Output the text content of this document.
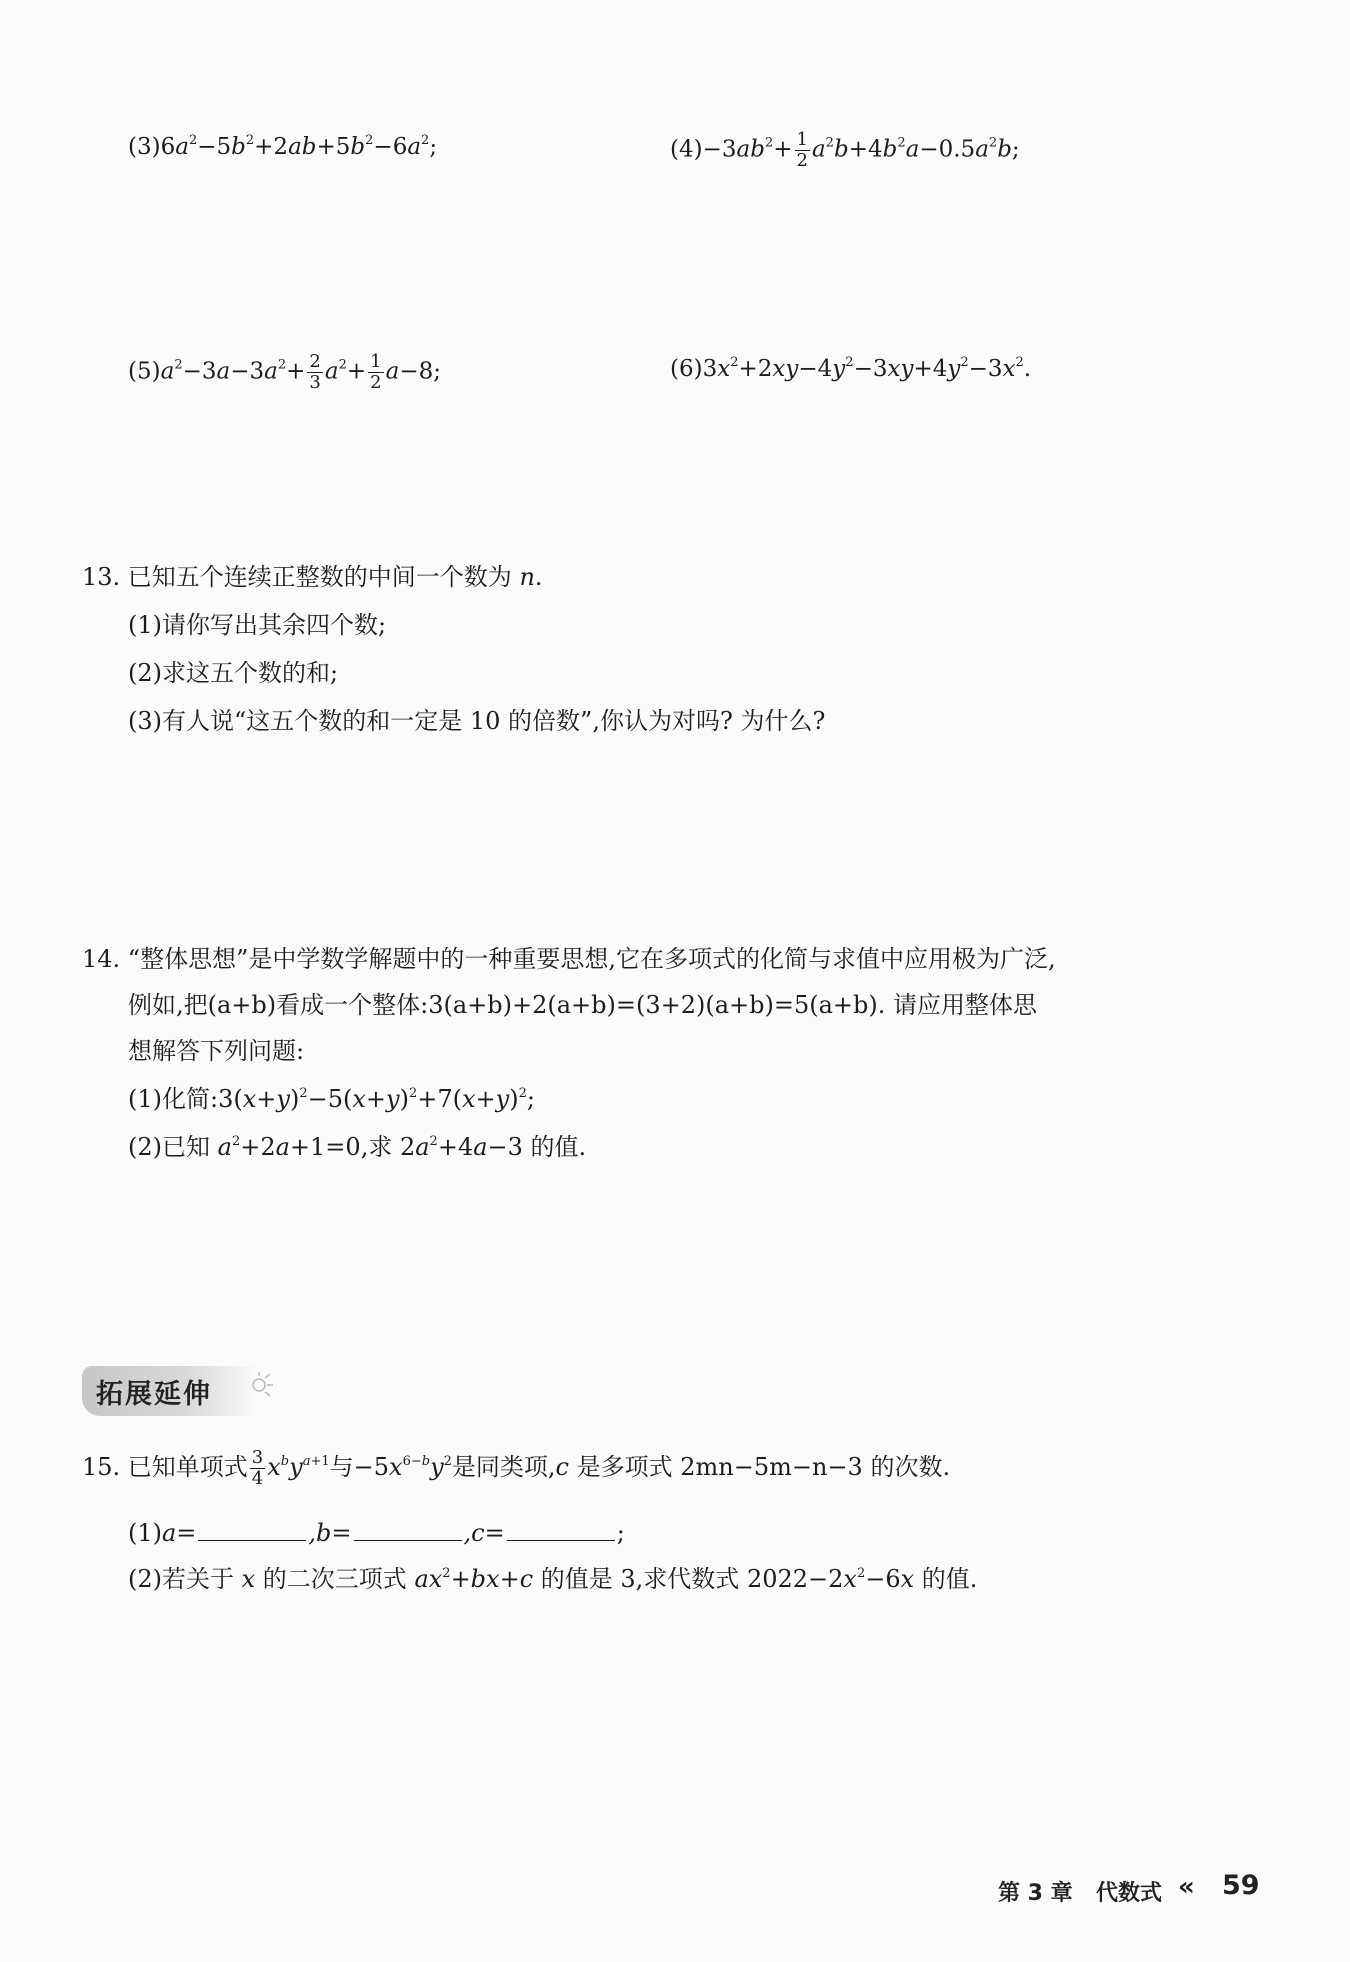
$(3)6a^2-5b^2+2ab+5b^2-6a^2$;	$(4)-3ab^2+ \frac{1}{2} a^2b+4b^2a-0.5a^2b$;
$(5)a^2-3a-3a^2+ \frac{2}{3} a^2+ \frac{1}{2} a-8$;	$(6)3x^2+2xy-4y^2-3xy+4y^2-3x^2$.
13. 已知五个连续正整数的中间一个数为 n.
(1)请你写出其余四个数;
(2)求这五个数的和;
(3)有人说“这五个数的和一定是 10 的倍数”,你认为对吗? 为什么?
14. “整体思想”是中学数学解题中的一种重要思想,它在多项式的化简与求值中应用极为广泛,
例如,把(a+b)看成一个整体:3(a+b)+2(a+b)=(3+2)(a+b)=5(a+b). 请应用整体思
想解答下列问题:
(1)化简$:3(x+y)^2-5(x+y)^2+7(x+y)^2$;
(2)已知 $a^2+2a+1=0$,求 $2a^2+4a-3$ 的值.
拓展延伸
15. 已知单项式 $\frac{3}{4} x^by^{a+1}$与$-5x^{6-b}y^2$是同类项,c 是多项式 2mn−5m−n−3 的次数.
(1)a=	,b=	,c=	;
(2)若关于 x 的二次三项式 $ax^2+bx+c$ 的值是 3,求代数式 $2022-2x^2-6x$ 的值.
第 3 章 代数式 « 59
